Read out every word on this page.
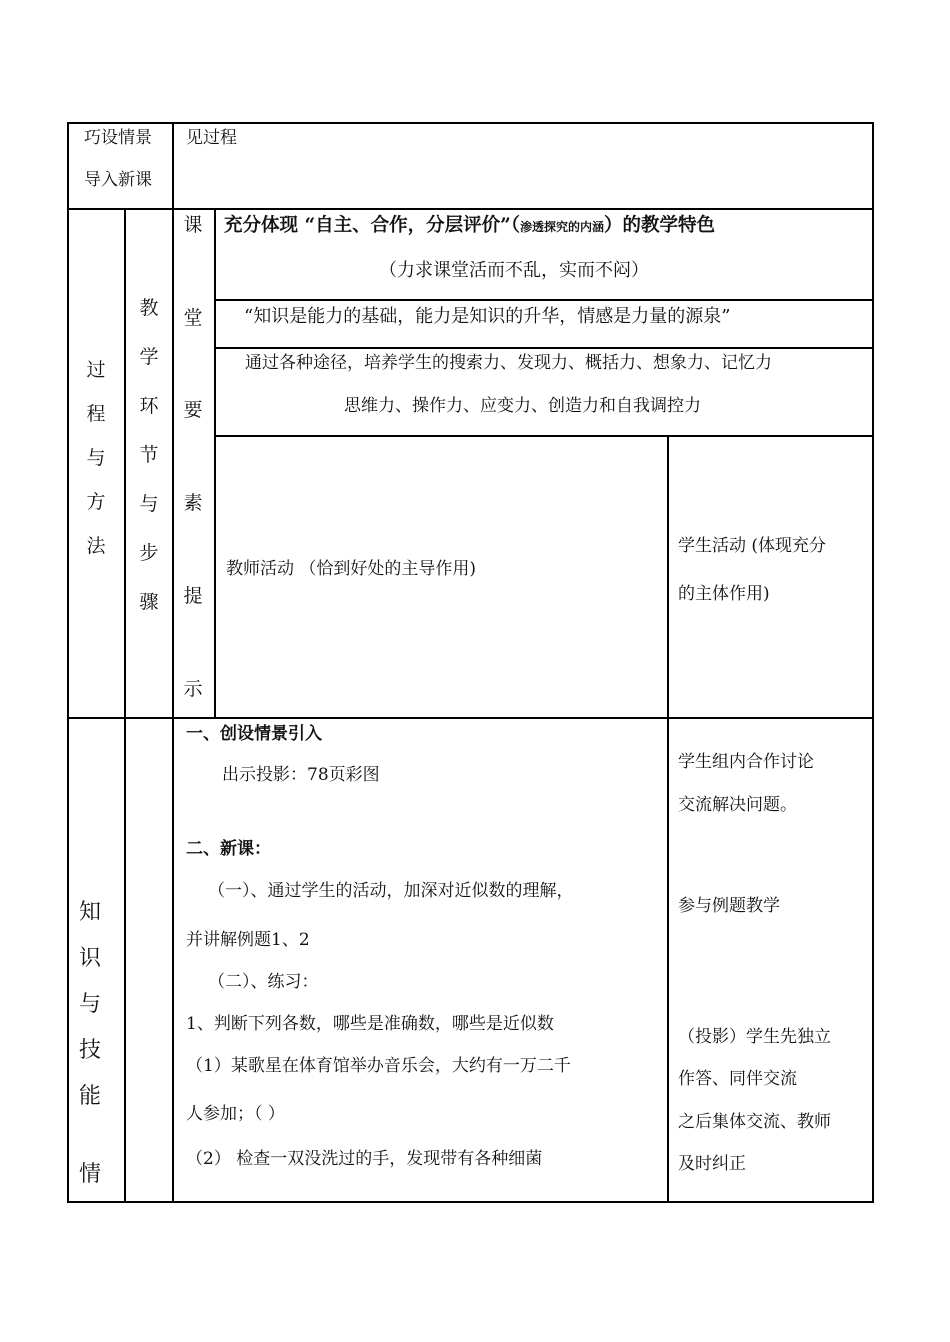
巧设情景
导入新课
见过程
过
程
与
方
法
教
学
环
节
与
步
骤
课
堂
要
素
提
示
充分体现 “自主、合作，分层评价”（渗透探究的内涵）的教学特色
（力求课堂活而不乱，实而不闷）
“知识是能力的基础，能力是知识的升华，情感是力量的源泉”
通过各种途径，培养学生的搜索力、发现力、概括力、想象力、记忆力
思维力、操作力、应变力、创造力和自我调控力
教师活动 （恰到好处的主导作用)
学生活动 (体现充分
的主体作用)
知
识
与
技
能
情
一、创设情景引入
出示投影：78页彩图
二、新课：
（一）、通过学生的活动，加深对近似数的理解，
并讲解例题1、2
（二）、练习：
1、判断下列各数，哪些是准确数，哪些是近似数
（1）某歌星在体育馆举办音乐会，大约有一万二千
人参加；（ ）
（2） 检查一双没洗过的手，发现带有各种细菌
学生组内合作讨论
交流解决问题。
参与例题教学
（投影）学生先独立
作答、同伴交流
之后集体交流、教师
及时纠正
